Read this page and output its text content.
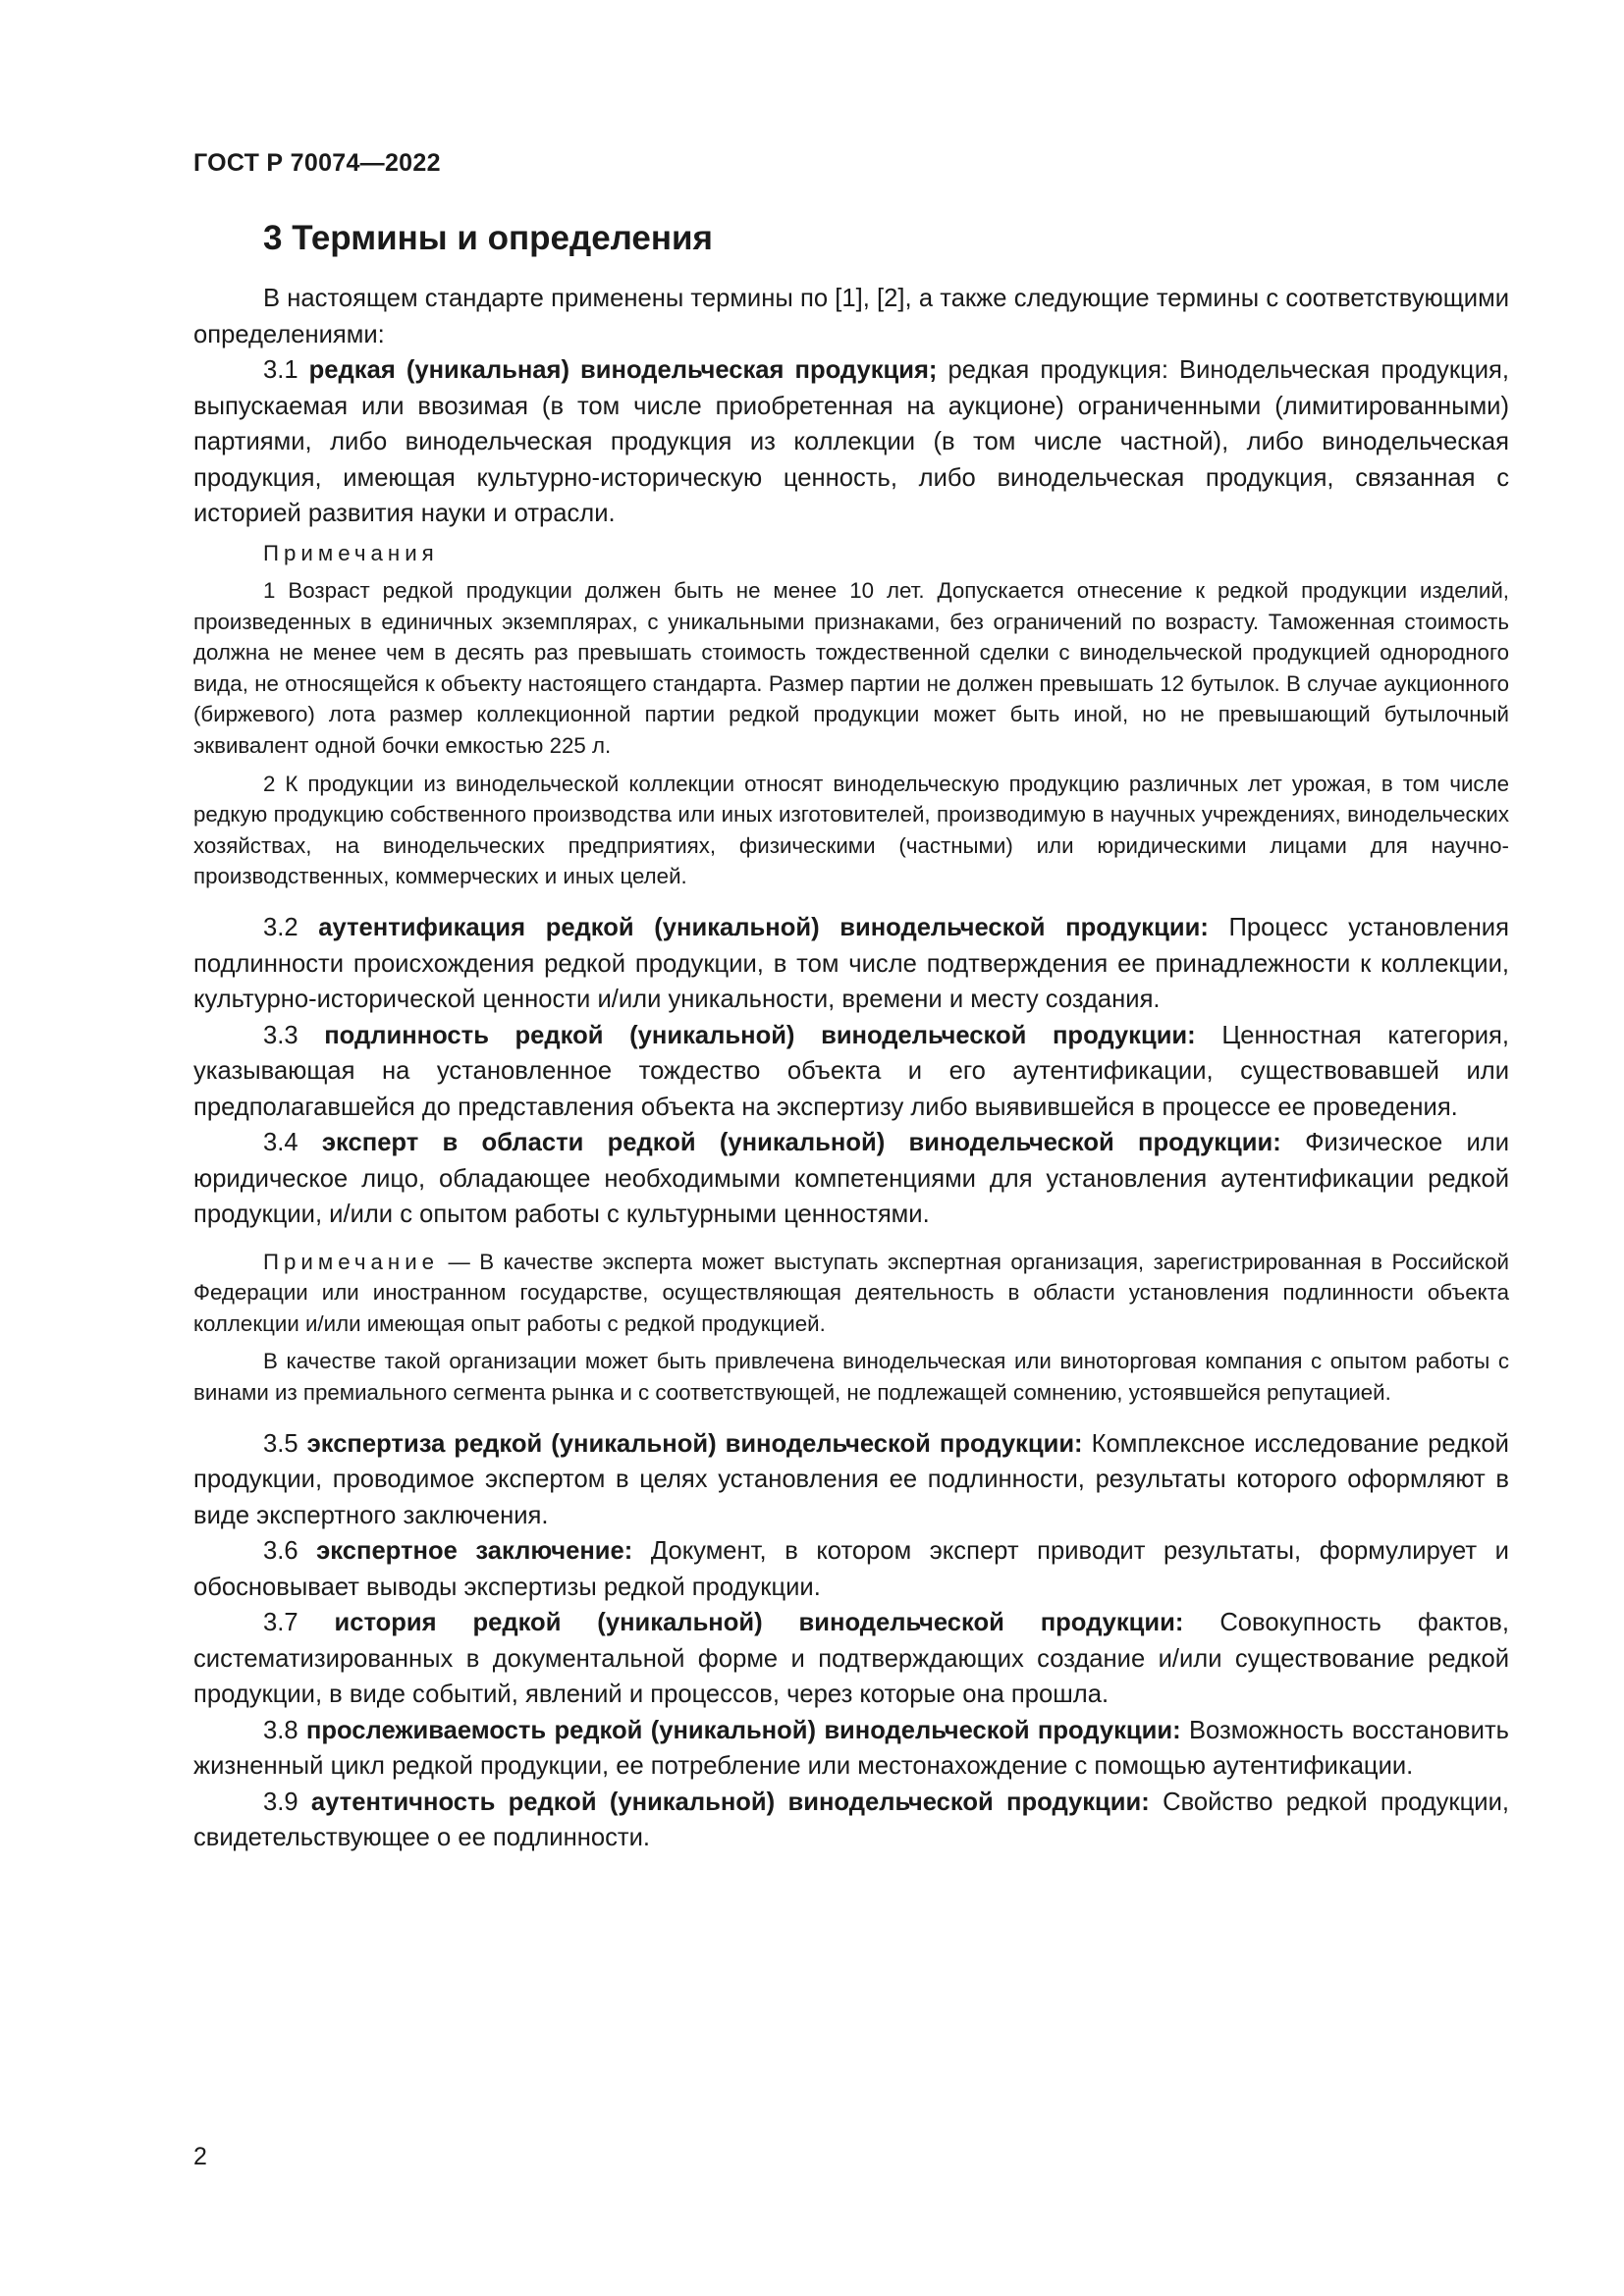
ГОСТ Р 70074—2022
3 Термины и определения

В настоящем стандарте применены термины по [1], [2], а также следующие термины с соответствующими определениями:

3.1 редкая (уникальная) винодельческая продукция; редкая продукция: Винодельческая продукция, выпускаемая или ввозимая (в том числе приобретенная на аукционе) ограниченными (лимитированными) партиями, либо винодельческая продукция из коллекции (в том числе частной), либо винодельческая продукция, имеющая культурно-историческую ценность, либо винодельческая продукция, связанная с историей развития науки и отрасли.

Примечания

1 Возраст редкой продукции должен быть не менее 10 лет. Допускается отнесение к редкой продукции изделий, произведенных в единичных экземплярах, с уникальными признаками, без ограничений по возрасту. Таможенная стоимость должна не менее чем в десять раз превышать стоимость тождественной сделки с винодельческой продукцией однородного вида, не относящейся к объекту настоящего стандарта. Размер партии не должен превышать 12 бутылок. В случае аукционного (биржевого) лота размер коллекционной партии редкой продукции может быть иной, но не превышающий бутылочный эквивалент одной бочки емкостью 225 л.

2 К продукции из винодельческой коллекции относят винодельческую продукцию различных лет урожая, в том числе редкую продукцию собственного производства или иных изготовителей, производимую в научных учреждениях, винодельческих хозяйствах, на винодельческих предприятиях, физическими (частными) или юридическими лицами для научно-производственных, коммерческих и иных целей.

3.2 аутентификация редкой (уникальной) винодельческой продукции: Процесс установления подлинности происхождения редкой продукции, в том числе подтверждения ее принадлежности к коллекции, культурно-исторической ценности и/или уникальности, времени и месту создания.

3.3 подлинность редкой (уникальной) винодельческой продукции: Ценностная категория, указывающая на установленное тождество объекта и его аутентификации, существовавшей или предполагавшейся до представления объекта на экспертизу либо выявившейся в процессе ее проведения.

3.4 эксперт в области редкой (уникальной) винодельческой продукции: Физическое или юридическое лицо, обладающее необходимыми компетенциями для установления аутентификации редкой продукции, и/или с опытом работы с культурными ценностями.

Примечание — В качестве эксперта может выступать экспертная организация, зарегистрированная в Российской Федерации или иностранном государстве, осуществляющая деятельность в области установления подлинности объекта коллекции и/или имеющая опыт работы с редкой продукцией.

В качестве такой организации может быть привлечена винодельческая или виноторговая компания с опытом работы с винами из премиального сегмента рынка и с соответствующей, не подлежащей сомнению, устоявшейся репутацией.

3.5 экспертиза редкой (уникальной) винодельческой продукции: Комплексное исследование редкой продукции, проводимое экспертом в целях установления ее подлинности, результаты которого оформляют в виде экспертного заключения.

3.6 экспертное заключение: Документ, в котором эксперт приводит результаты, формулирует и обосновывает выводы экспертизы редкой продукции.

3.7 история редкой (уникальной) винодельческой продукции: Совокупность фактов, систематизированных в документальной форме и подтверждающих создание и/или существование редкой продукции, в виде событий, явлений и процессов, через которые она прошла.

3.8 прослеживаемость редкой (уникальной) винодельческой продукции: Возможность восстановить жизненный цикл редкой продукции, ее потребление или местонахождение с помощью аутентификации.

3.9 аутентичность редкой (уникальной) винодельческой продукции: Свойство редкой продукции, свидетельствующее о ее подлинности.

2
